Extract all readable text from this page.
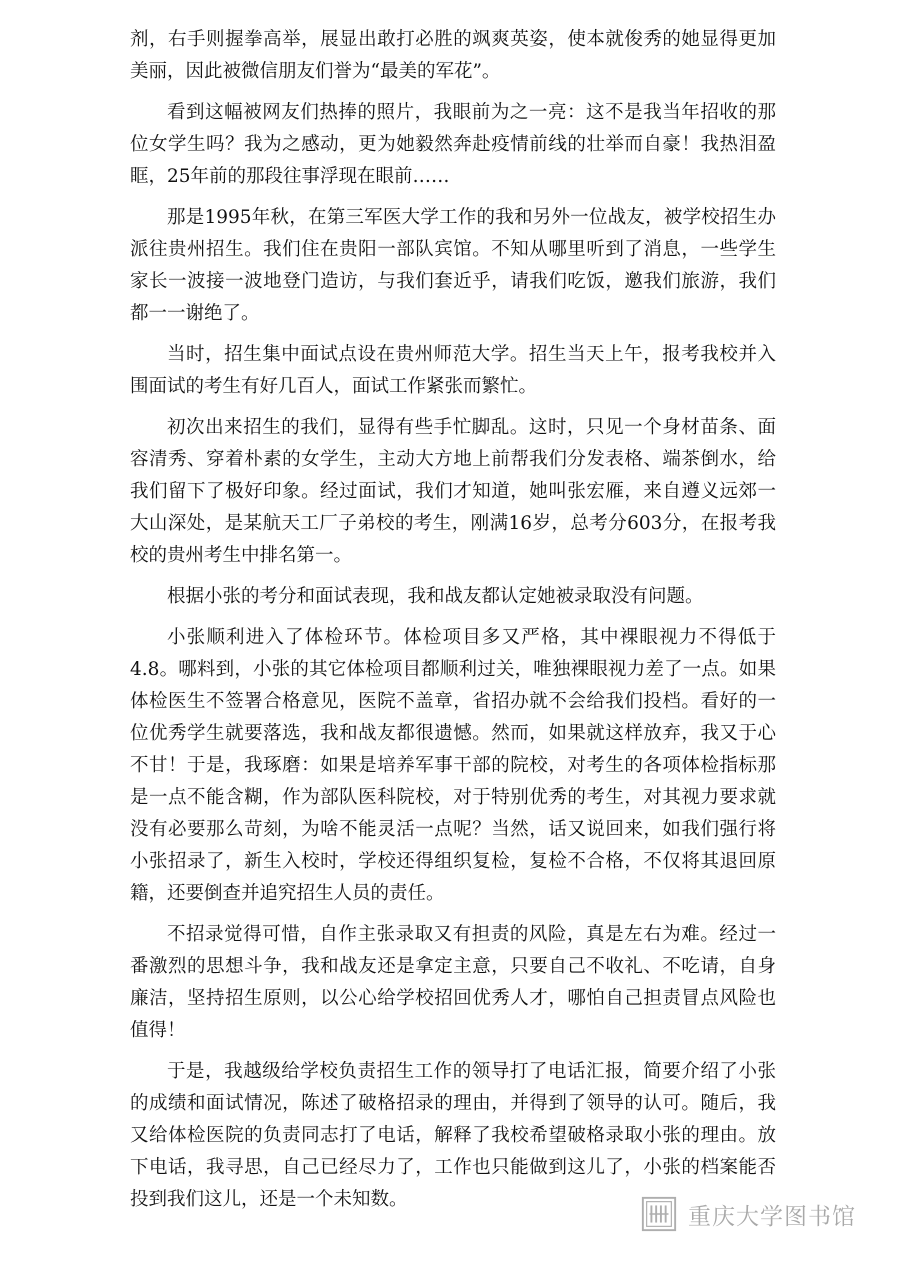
剂，右手则握拳高举，展显出敢打必胜的飒爽英姿，使本就俊秀的她显得更加美丽，因此被微信朋友们誉为“最美的军花”。

看到这幅被网友们热捧的照片，我眼前为之一亮：这不是我当年招收的那位女学生吗？我为之感动，更为她毅然奔赴疫情前线的壮举而自豪！我热泪盈眶，25年前的那段往事浮现在眼前……

那是1995年秋，在第三军医大学工作的我和另外一位战友，被学校招生办派往贵州招生。我们住在贵阳一部队宾馆。不知从哪里听到了消息，一些学生家长一波接一波地登门造访，与我们套近乎，请我们吃饭，邀我们旅游，我们都一一谢绝了。

当时，招生集中面试点设在贵州师范大学。招生当天上午，报考我校并入围面试的考生有好几百人，面试工作紧张而繁忙。

初次出来招生的我们，显得有些手忙脚乱。这时，只见一个身材苗条、面容清秀、穿着朴素的女学生，主动大方地上前帮我们分发表格、端茶倒水，给我们留下了极好印象。经过面试，我们才知道，她叫张宏雁，来自遵义远郊一大山深处，是某航天工厂子弟校的考生，刚满16岁，总考分603分，在报考我校的贵州考生中排名第一。

根据小张的考分和面试表现，我和战友都认定她被录取没有问题。

小张顺利进入了体检环节。体检项目多又严格，其中裸眼视力不得低于4.8。哪料到，小张的其它体检项目都顺利过关，唯独裸眼视力差了一点。如果体检医生不签署合格意见，医院不盖章，省招办就不会给我们投档。看好的一位优秀学生就要落选，我和战友都很遗憾。然而，如果就这样放弃，我又于心不甘！于是，我琢磨：如果是培养军事干部的院校，对考生的各项体检指标那是一点不能含糊，作为部队医科院校，对于特别优秀的考生，对其视力要求就没有必要那么苛刻，为啥不能灵活一点呢？当然，话又说回来，如我们强行将小张招录了，新生入校时，学校还得组织复检，复检不合格，不仅将其退回原籍，还要倒查并追究招生人员的责任。

不招录觉得可惜，自作主张录取又有担责的风险，真是左右为难。经过一番激烈的思想斗争，我和战友还是拿定主意，只要自己不收礼、不吃请，自身廉洁，坚持招生原则，以公心给学校招回优秀人才，哪怕自己担责冒点风险也值得！

于是，我越级给学校负责招生工作的领导打了电话汇报，简要介绍了小张的成绩和面试情况，陈述了破格招录的理由，并得到了领导的认可。随后，我又给体检医院的负责同志打了电话，解释了我校希望破格录取小张的理由。放下电话，我寻思，自己已经尽力了，工作也只能做到这儿了，小张的档案能否投到我们这儿，还是一个未知数。

重庆大学图书馆
